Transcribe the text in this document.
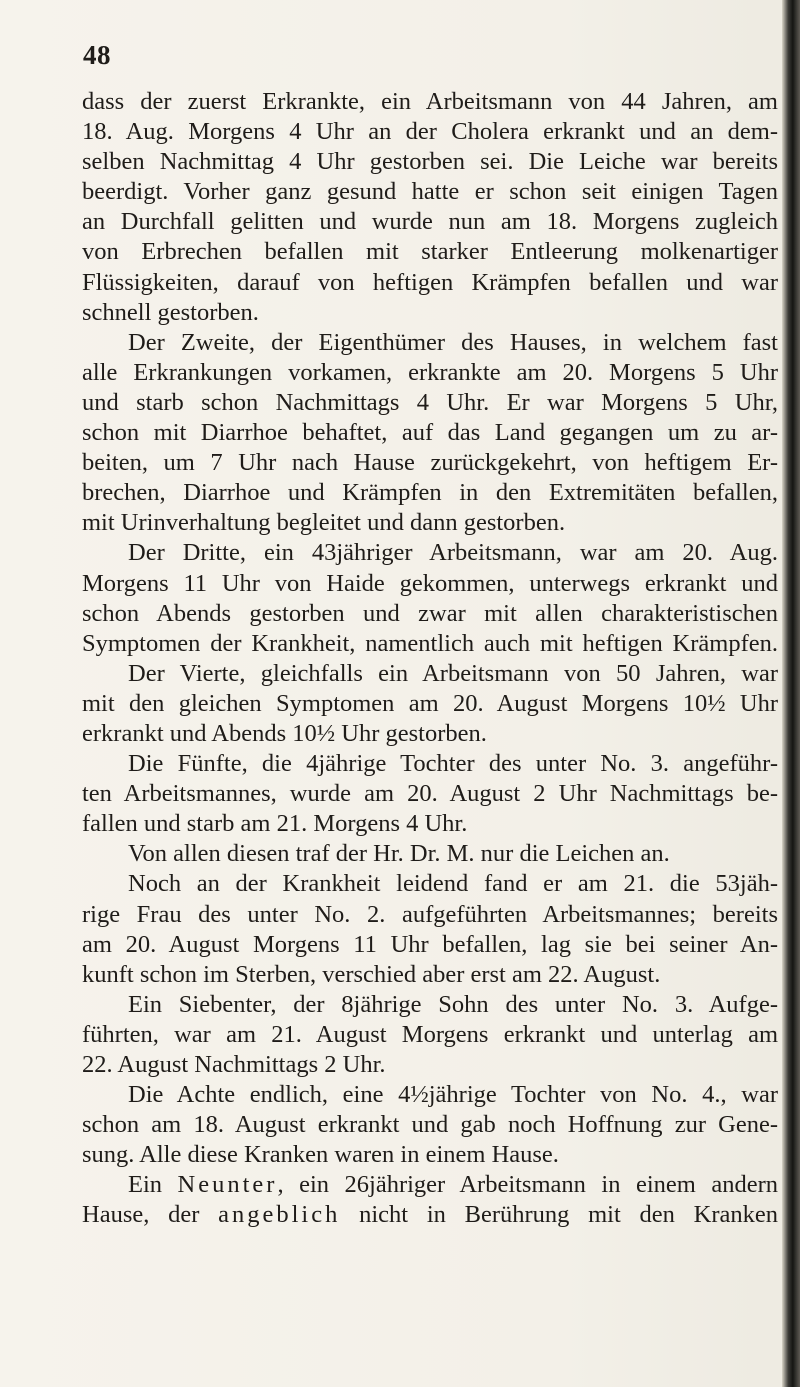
48
dass der zuerst Erkrankte, ein Arbeitsmann von 44 Jahren, am
18. Aug. Morgens 4 Uhr an der Cholera erkrankt und an dem-
selben Nachmittag 4 Uhr gestorben sei. Die Leiche war bereits
beerdigt. Vorher ganz gesund hatte er schon seit einigen Tagen
an Durchfall gelitten und wurde nun am 18. Morgens zugleich
von Erbrechen befallen mit starker Entleerung molkenartiger
Flüssigkeiten, darauf von heftigen Krämpfen befallen und war
schnell gestorben.
Der Zweite, der Eigenthümer des Hauses, in welchem fast
alle Erkrankungen vorkamen, erkrankte am 20. Morgens 5 Uhr
und starb schon Nachmittags 4 Uhr. Er war Morgens 5 Uhr,
schon mit Diarrhoe behaftet, auf das Land gegangen um zu ar-
beiten, um 7 Uhr nach Hause zurückgekehrt, von heftigem Er-
brechen, Diarrhoe und Krämpfen in den Extremitäten befallen,
mit Urinverhaltung begleitet und dann gestorben.
Der Dritte, ein 43jähriger Arbeitsmann, war am 20. Aug.
Morgens 11 Uhr von Haide gekommen, unterwegs erkrankt und
schon Abends gestorben und zwar mit allen charakteristischen
Symptomen der Krankheit, namentlich auch mit heftigen Krämpfen.
Der Vierte, gleichfalls ein Arbeitsmann von 50 Jahren, war
mit den gleichen Symptomen am 20. August Morgens 10½ Uhr
erkrankt und Abends 10½ Uhr gestorben.
Die Fünfte, die 4jährige Tochter des unter No. 3. angeführ-
ten Arbeitsmannes, wurde am 20. August 2 Uhr Nachmittags be-
fallen und starb am 21. Morgens 4 Uhr.
Von allen diesen traf der Hr. Dr. M. nur die Leichen an.
Noch an der Krankheit leidend fand er am 21. die 53jäh-
rige Frau des unter No. 2. aufgeführten Arbeitsmannes; bereits
am 20. August Morgens 11 Uhr befallen, lag sie bei seiner An-
kunft schon im Sterben, verschied aber erst am 22. August.
Ein Siebenter, der 8jährige Sohn des unter No. 3. Aufge-
führten, war am 21. August Morgens erkrankt und unterlag am
22. August Nachmittags 2 Uhr.
Die Achte endlich, eine 4½jährige Tochter von No. 4., war
schon am 18. August erkrankt und gab noch Hoffnung zur Gene-
sung. Alle diese Kranken waren in einem Hause.
Ein Neunter, ein 26jähriger Arbeitsmann in einem andern
Hause, der angeblich nicht in Berührung mit den Kranken
